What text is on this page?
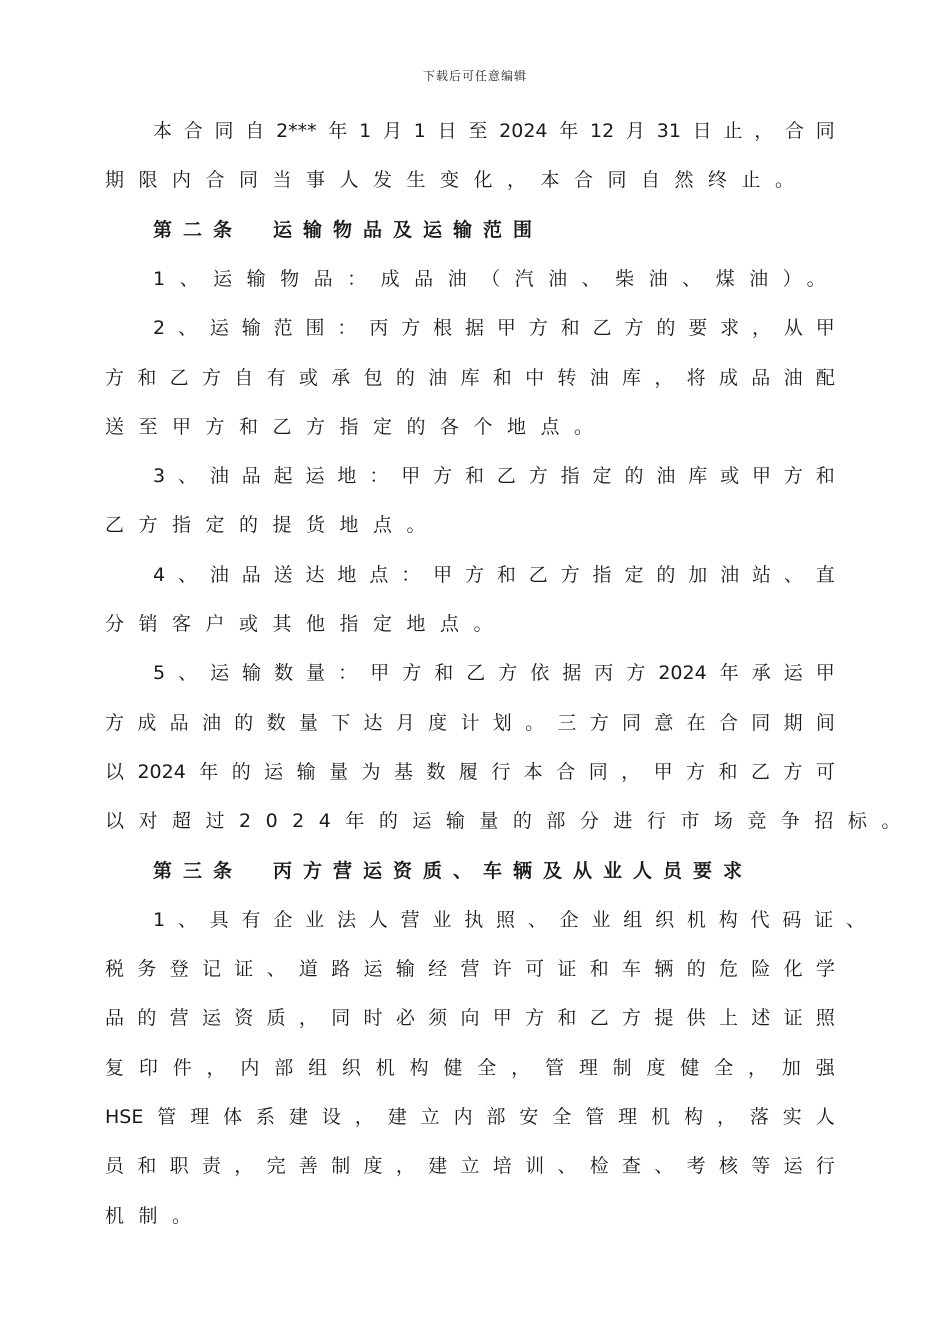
下载后可任意编辑
本 合 同 自 2*** 年 1 月 1 日 至 2024 年 12 月 31 日 止 ， 合 同
期限内合同当事人发生变化，本合同自然终止。
第二条　运输物品及运输范围
1、运输物品：成品油（汽油、柴油、煤油）。
2 、 运 输 范 围 ： 丙 方 根 据 甲 方 和 乙 方 的 要 求 ， 从 甲
方 和 乙 方 自 有 或 承 包 的 油 库 和 中 转 油 库 ， 将 成 品 油 配
送至甲方和乙方指定的各个地点。
3 、 油 品 起 运 地 ： 甲 方 和 乙 方 指 定 的 油 库 或 甲 方 和
乙方指定的提货地点。
4 、 油 品 送 达 地 点 ： 甲 方 和 乙 方 指 定 的 加 油 站 、 直
分销客户或其他指定地点。
5 、 运 输 数 量 ： 甲 方 和 乙 方 依 据 丙 方 2024 年 承 运 甲
方 成 品 油 的 数 量 下 达 月 度 计 划 。 三 方 同 意 在 合 同 期 间
以 2024 年 的 运 输 量 为 基 数 履 行 本 合 同 ， 甲 方 和 乙 方 可
以对超过2024年的运输量的部分进行市场竞争招标。
第三条　丙方营运资质、车辆及从业人员要求
1 、 具 有 企 业 法 人 营 业 执 照 、 企 业 组 织 机 构 代 码 证 、
税 务 登 记 证 、 道 路 运 输 经 营 许 可 证 和 车 辆 的 危 险 化 学
品 的 营 运 资 质 ， 同 时 必 须 向 甲 方 和 乙 方 提 供 上 述 证 照
复 印 件 ， 内 部 组 织 机 构 健 全 ， 管 理 制 度 健 全 ， 加 强
HSE 管 理 体 系 建 设 ， 建 立 内 部 安 全 管 理 机 构 ， 落 实 人
员 和 职 责 ， 完 善 制 度 ， 建 立 培 训 、 检 查 、 考 核 等 运 行
机制。
